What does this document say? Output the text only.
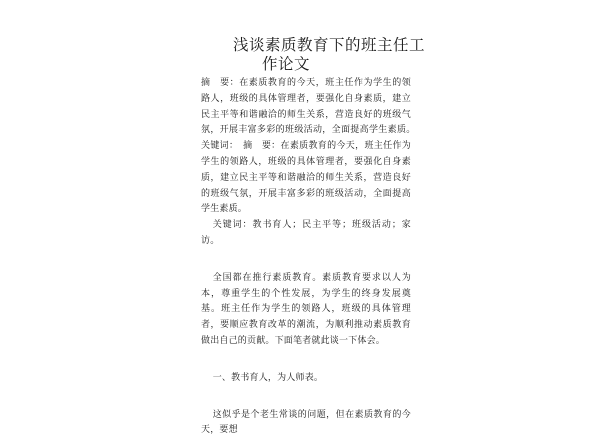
浅谈素质教育下的班主任工
作论文

摘　要：在素质教育的今天，班主任作为学生的领路人，班级的具体管理者，要强化自身素质，建立民主平等和谐融洽的师生关系，营造良好的班级气氛，开展丰富多彩的班级活动，全面提高学生素质。　关键词：　摘　要：在素质教育的今天，班主任作为学生的领路人，班级的具体管理者，要强化自身素质，建立民主平等和谐融洽的师生关系，营造良好的班级气氛，开展丰富多彩的班级活动，全面提高学生素质。

关键词：教书育人；民主平等；班级活动；家访。

全国都在推行素质教育。素质教育要求以人为本，尊重学生的个性发展，为学生的终身发展奠基。班主任作为学生的领路人，班级的具体管理者，要顺应教育改革的潮流，为顺利推动素质教育做出自己的贡献。下面笔者就此谈一下体会。

一、教书育人，为人师表。

这似乎是个老生常谈的问题，但在素质教育的今天，要想
